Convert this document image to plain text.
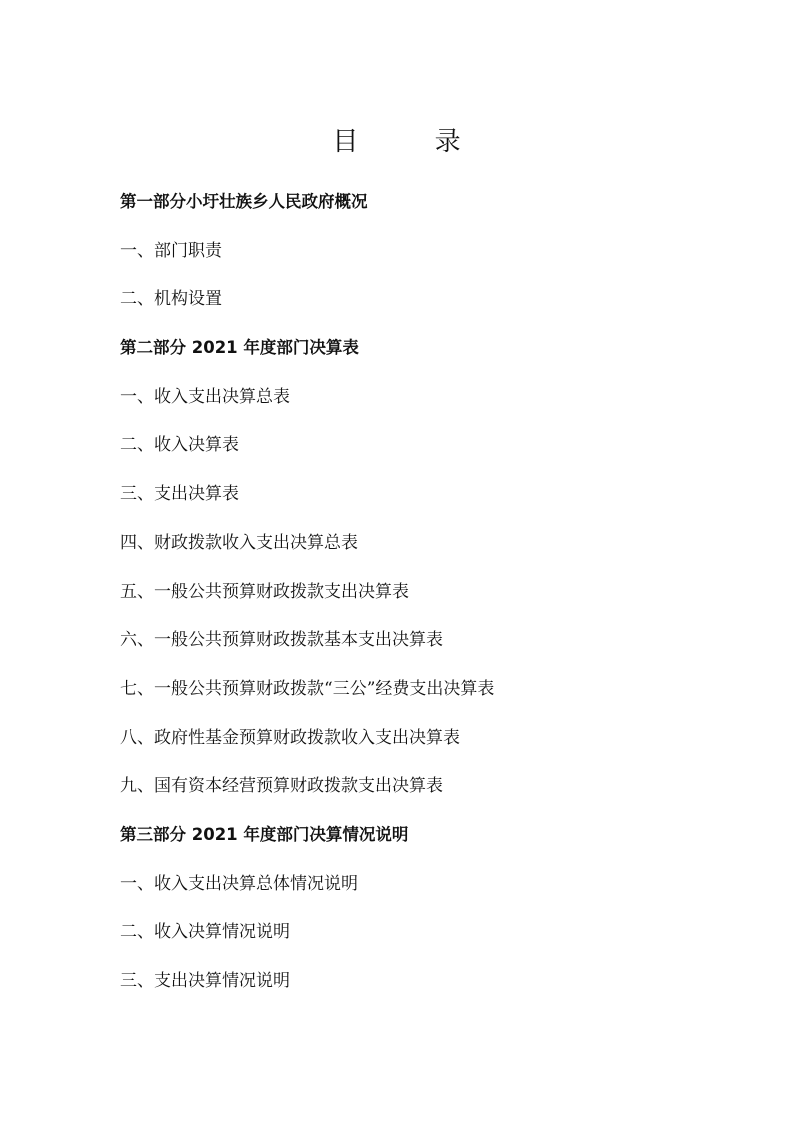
目 录
第一部分小圩壮族乡人民政府概况
一、部门职责
二、机构设置
第二部分 2021 年度部门决算表
一、收入支出决算总表
二、收入决算表
三、支出决算表
四、财政拨款收入支出决算总表
五、一般公共预算财政拨款支出决算表
六、一般公共预算财政拨款基本支出决算表
七、一般公共预算财政拨款“三公”经费支出决算表
八、政府性基金预算财政拨款收入支出决算表
九、国有资本经营预算财政拨款支出决算表
第三部分 2021 年度部门决算情况说明
一、收入支出决算总体情况说明
二、收入决算情况说明
三、支出决算情况说明
